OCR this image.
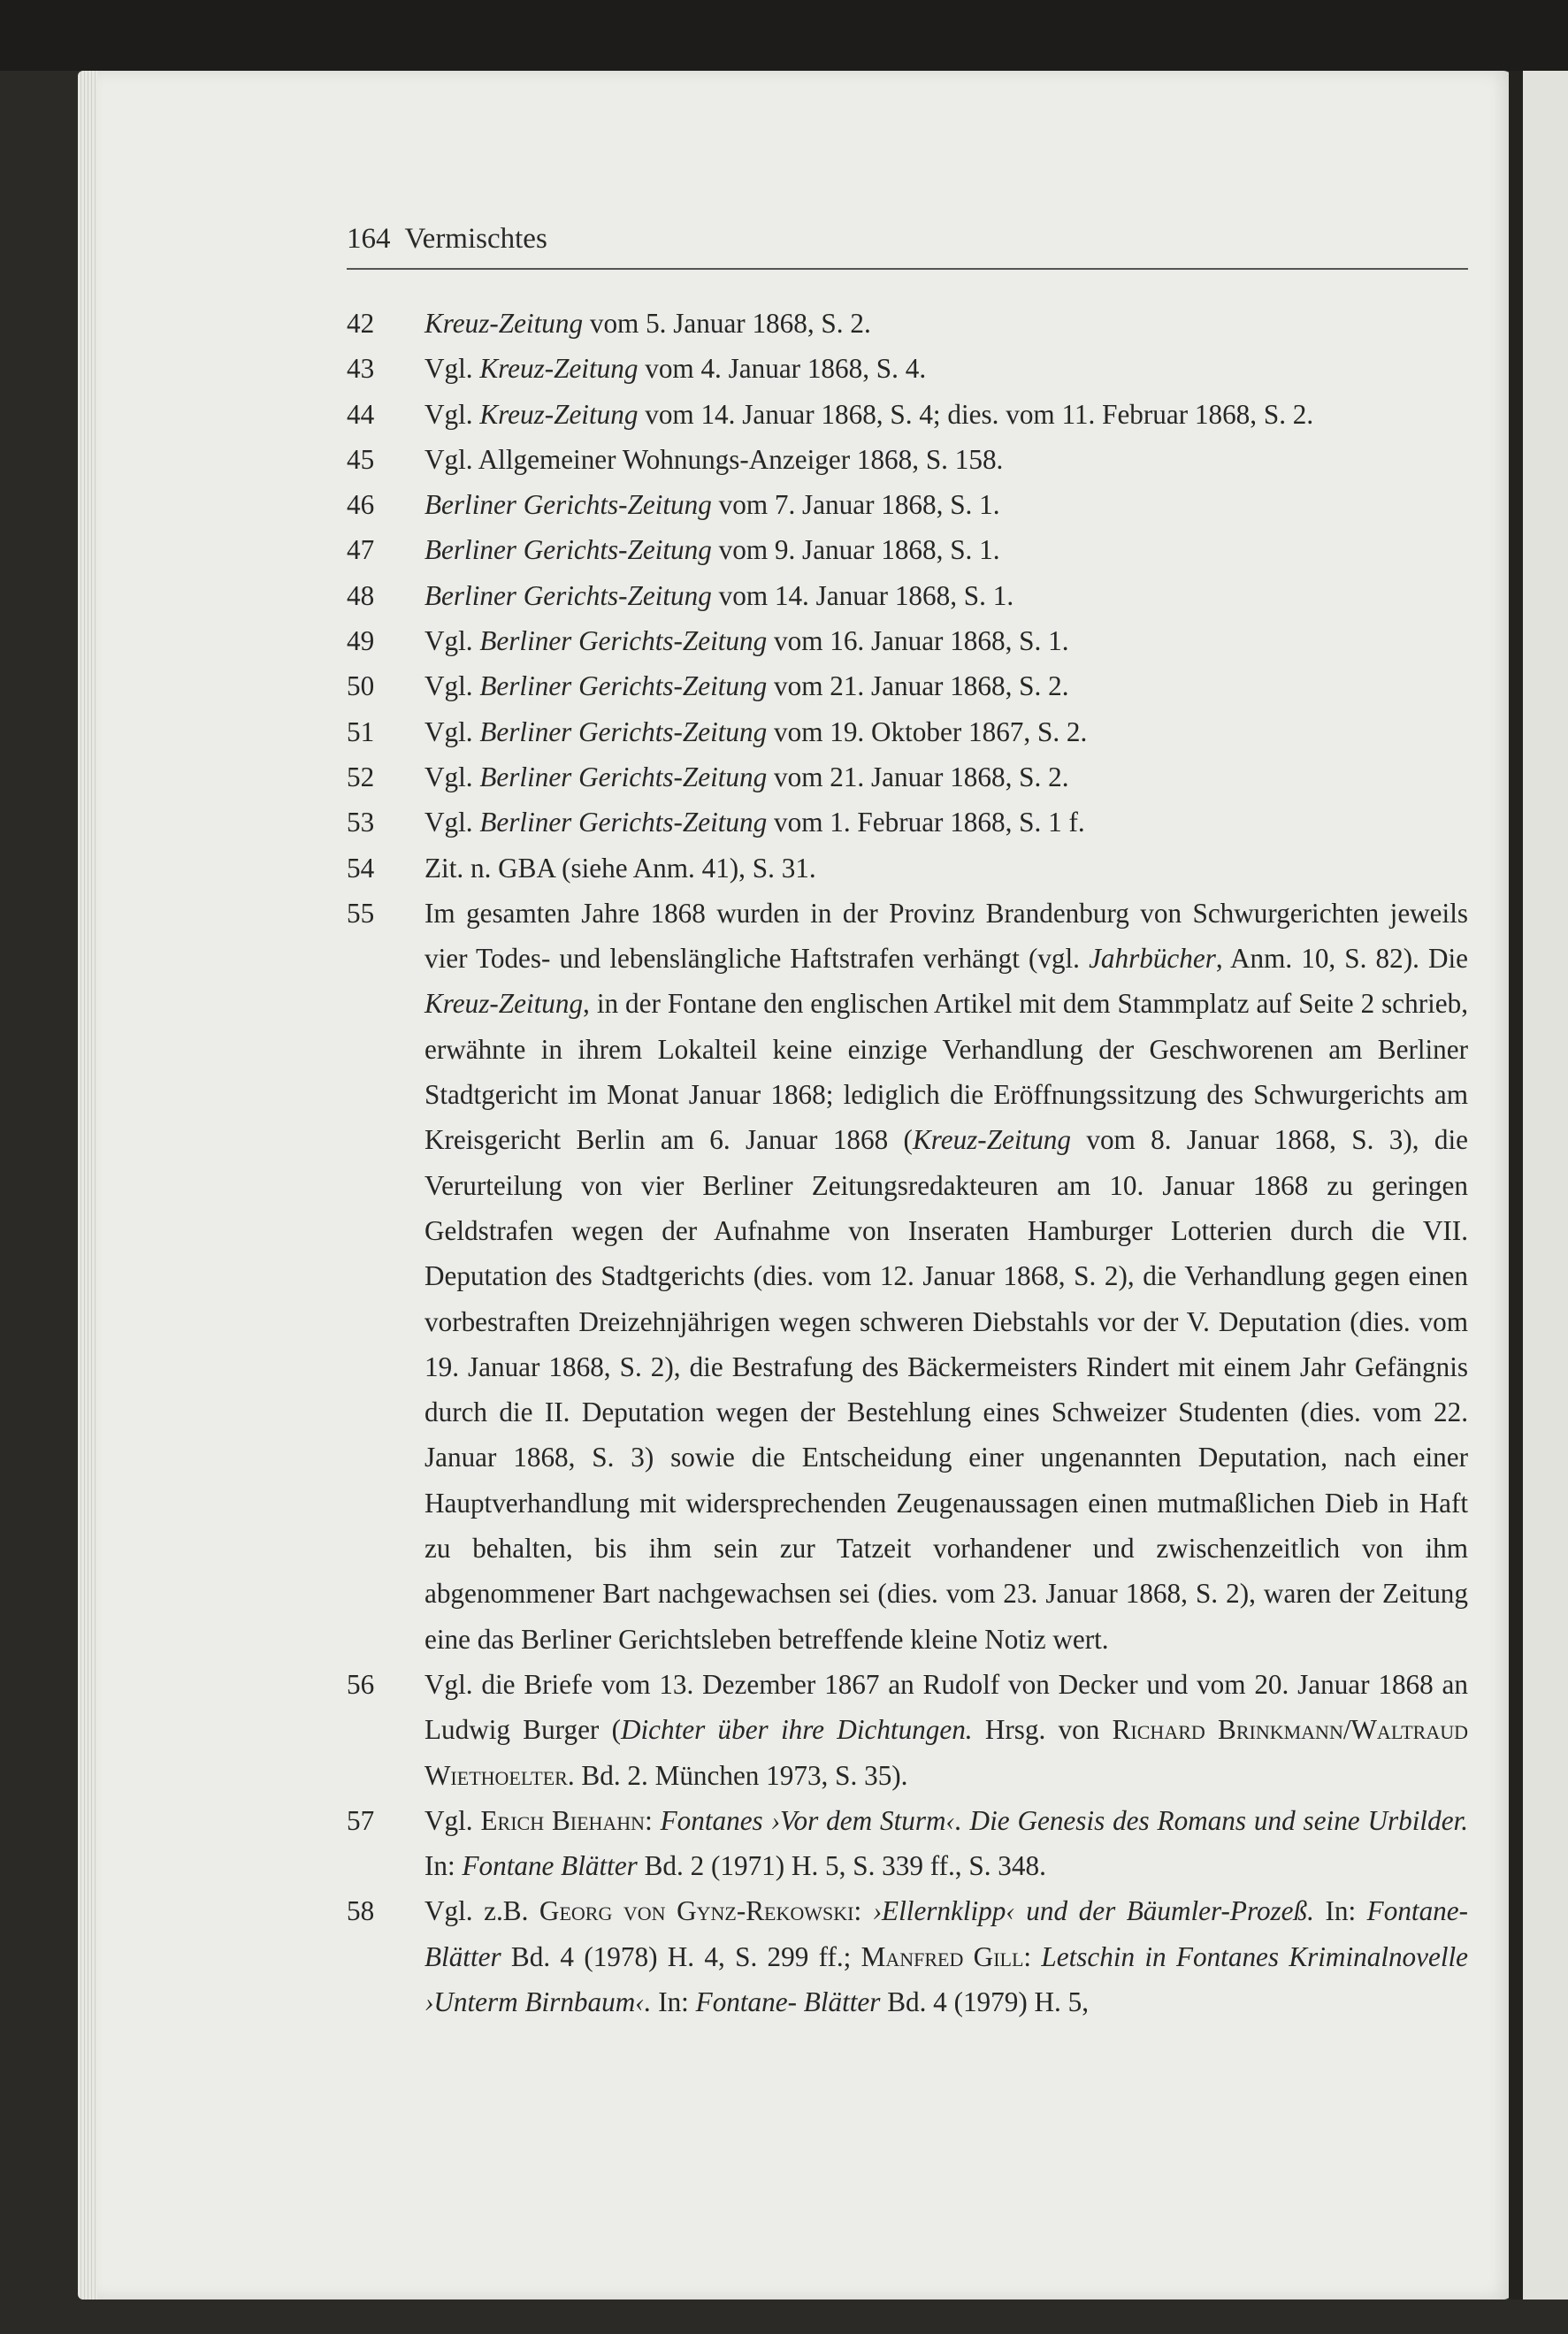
164 Vermischtes
42	Kreuz-Zeitung vom 5. Januar 1868, S. 2.
43	Vgl. Kreuz-Zeitung vom 4. Januar 1868, S. 4.
44	Vgl. Kreuz-Zeitung vom 14. Januar 1868, S. 4; dies. vom 11. Februar 1868, S. 2.
45	Vgl. Allgemeiner Wohnungs-Anzeiger 1868, S. 158.
46	Berliner Gerichts-Zeitung vom 7. Januar 1868, S. 1.
47	Berliner Gerichts-Zeitung vom 9. Januar 1868, S. 1.
48	Berliner Gerichts-Zeitung vom 14. Januar 1868, S. 1.
49	Vgl. Berliner Gerichts-Zeitung vom 16. Januar 1868, S. 1.
50	Vgl. Berliner Gerichts-Zeitung vom 21. Januar 1868, S. 2.
51	Vgl. Berliner Gerichts-Zeitung vom 19. Oktober 1867, S. 2.
52	Vgl. Berliner Gerichts-Zeitung vom 21. Januar 1868, S. 2.
53	Vgl. Berliner Gerichts-Zeitung vom 1. Februar 1868, S. 1 f.
54	Zit. n. GBA (siehe Anm. 41), S. 31.
55	Im gesamten Jahre 1868 wurden in der Provinz Brandenburg von Schwurgerichten jeweils vier Todes- und lebenslängliche Haftstrafen verhängt (vgl. Jahrbücher, Anm. 10, S. 82). Die Kreuz-Zeitung, in der Fontane den englischen Artikel mit dem Stammplatz auf Seite 2 schrieb, erwähnte in ihrem Lokalteil keine einzige Verhandlung der Geschworenen am Berliner Stadtgericht im Monat Januar 1868; lediglich die Eröffnungssitzung des Schwurgerichts am Kreisgericht Berlin am 6. Januar 1868 (Kreuz-Zeitung vom 8. Januar 1868, S. 3), die Verurteilung von vier Berliner Zeitungsredakteuren am 10. Januar 1868 zu geringen Geldstrafen wegen der Aufnahme von Inseraten Hamburger Lotterien durch die VII. Deputation des Stadtgerichts (dies. vom 12. Januar 1868, S. 2), die Verhandlung gegen einen vorbestraften Dreizehnjährigen wegen schweren Diebstahls vor der V. Deputation (dies. vom 19. Januar 1868, S. 2), die Bestrafung des Bäckermeisters Rindert mit einem Jahr Gefängnis durch die II. Deputation wegen der Bestehlung eines Schweizer Studenten (dies. vom 22. Januar 1868, S. 3) sowie die Entscheidung einer ungenannten Deputation, nach einer Hauptverhandlung mit widersprechenden Zeugenaussagen einen mutmaßlichen Dieb in Haft zu behalten, bis ihm sein zur Tatzeit vorhandener und zwischenzeitlich von ihm abgenommener Bart nachgewachsen sei (dies. vom 23. Januar 1868, S. 2), waren der Zeitung eine das Berliner Gerichtsleben betreffende kleine Notiz wert.
56	Vgl. die Briefe vom 13. Dezember 1867 an Rudolf von Decker und vom 20. Januar 1868 an Ludwig Burger (Dichter über ihre Dichtungen. Hrsg. von Richard Brinkmann/Waltraud Wiethoelter. Bd. 2. München 1973, S. 35).
57	Vgl. Erich Biehahn: Fontanes ›Vor dem Sturm‹. Die Genesis des Romans und seine Urbilder. In: Fontane Blätter Bd. 2 (1971) H. 5, S. 339 ff., S. 348.
58	Vgl. z.B. Georg von Gynz-Rekowski: ›Ellernklipp‹ und der Bäumler-Prozeß. In: Fontane-Blätter Bd. 4 (1978) H. 4, S. 299 ff.; Manfred Gill: Letschin in Fontanes Kriminalnovelle ›Unterm Birnbaum‹. In: Fontane- Blätter Bd. 4 (1979) H. 5,
